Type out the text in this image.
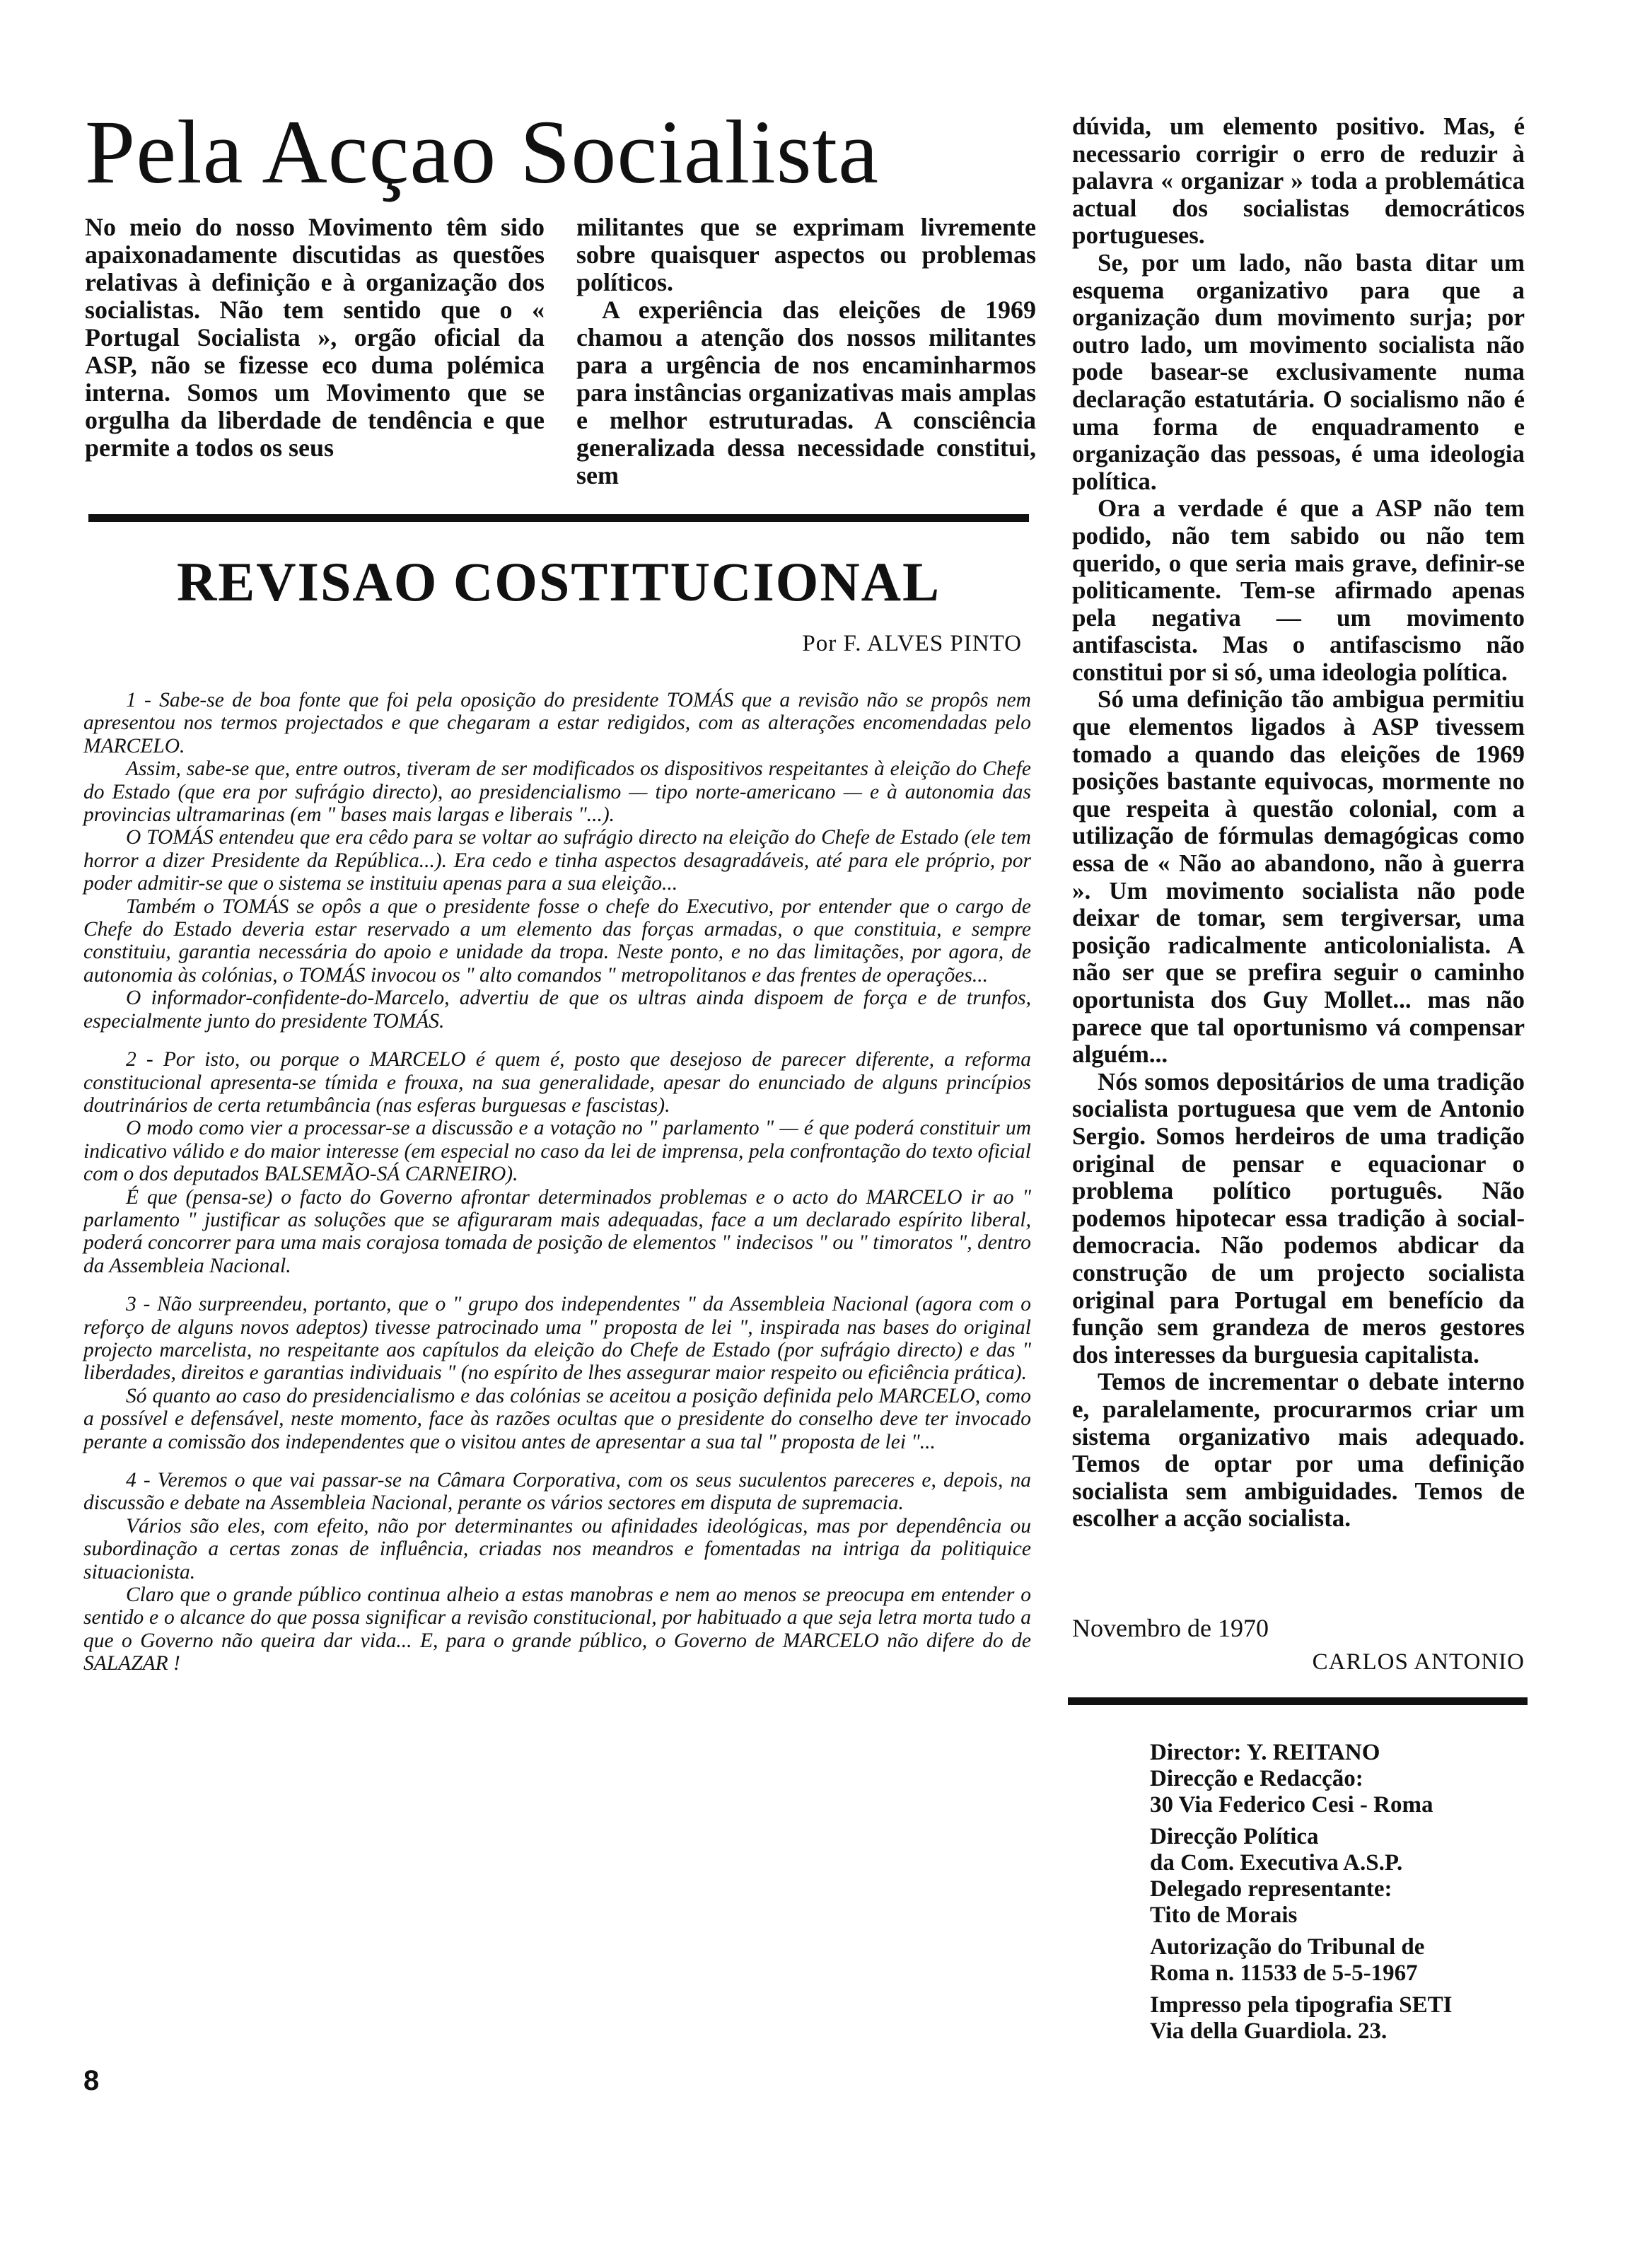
Pela Acçao Socialista

No meio do nosso Movimento têm sido apaixonadamente discutidas as questões relativas à definição e à organização dos socialistas. Não tem sentido que o « Portugal Socialista », orgão oficial da ASP, não se fizesse eco duma polémica interna. Somos um Movimento que se orgulha da liberdade de tendência e que permite a todos os seus

militantes que se exprimam livremente sobre quaisquer aspectos ou problemas políticos.

A experiência das eleições de 1969 chamou a atenção dos nossos militantes para a urgência de nos encaminharmos para instâncias organizativas mais amplas e melhor estruturadas. A consciência generalizada dessa necessidade constitui, sem

dúvida, um elemento positivo. Mas, é necessario corrigir o erro de reduzir à palavra « organizar » toda a problemática actual dos socialistas democráticos portugueses.

Se, por um lado, não basta ditar um esquema organizativo para que a organização dum movimento surja; por outro lado, um movimento socialista não pode basear-se exclusivamente numa declaração estatutária. O socialismo não é uma forma de enquadramento e organização das pessoas, é uma ideologia política.

Ora a verdade é que a ASP não tem podido, não tem sabido ou não tem querido, o que seria mais grave, definir-se politicamente. Tem-se afirmado apenas pela negativa — um movimento antifascista. Mas o antifascismo não constitui por si só, uma ideologia política.

Só uma definição tão ambigua permitiu que elementos ligados à ASP tivessem tomado a quando das eleições de 1969 posições bastante equivocas, mormente no que respeita à questão colonial, com a utilização de fórmulas demagógicas como essa de « Não ao abandono, não à guerra ». Um movimento socialista não pode deixar de tomar, sem tergiversar, uma posição radicalmente anticolonialista. A não ser que se prefira seguir o caminho oportunista dos Guy Mollet... mas não parece que tal oportunismo vá compensar alguém...

Nós somos depositários de uma tradição socialista portuguesa que vem de Antonio Sergio. Somos herdeiros de uma tradição original de pensar e equacionar o problema político português. Não podemos hipotecar essa tradição à social-democracia. Não podemos abdicar da construção de um projecto socialista original para Portugal em benefício da função sem grandeza de meros gestores dos interesses da burguesia capitalista.

Temos de incrementar o debate interno e, paralelamente, procurarmos criar um sistema organizativo mais adequado. Temos de optar por uma definição socialista sem ambiguidades. Temos de escolher a acção socialista.

Novembro de 1970
CARLOS ANTONIO
REVISAO COSTITUCIONAL
Por F. ALVES PINTO

1 - Sabe-se de boa fonte que foi pela oposição do presidente TOMÁS que a revisão não se propôs nem apresentou nos termos projectados e que chegaram a estar redigidos, com as alterações encomendadas pelo MARCELO.

Assim, sabe-se que, entre outros, tiveram de ser modificados os dispositivos respeitantes à eleição do Chefe do Estado (que era por sufrágio directo), ao presidencialismo — tipo norte-americano — e à autonomia das provincias ultramarinas (em " bases mais largas e liberais "...).

O TOMÁS entendeu que era cêdo para se voltar ao sufrágio directo na eleição do Chefe de Estado (ele tem horror a dizer Presidente da República...). Era cedo e tinha aspectos desagradáveis, até para ele próprio, por poder admitir-se que o sistema se instituiu apenas para a sua eleição...

Também o TOMÁS se opôs a que o presidente fosse o chefe do Executivo, por entender que o cargo de Chefe do Estado deveria estar reservado a um elemento das forças armadas, o que constituia, e sempre constituiu, garantia necessária do apoio e unidade da tropa. Neste ponto, e no das limitações, por agora, de autonomia às colónias, o TOMÁS invocou os " alto comandos " metropolitanos e das frentes de operações...

O informador-confidente-do-Marcelo, advertiu de que os ultras ainda dispoem de força e de trunfos, especialmente junto do presidente TOMÁS.

2 - Por isto, ou porque o MARCELO é quem é, posto que desejoso de parecer diferente, a reforma constitucional apresenta-se tímida e frouxa, na sua generalidade, apesar do enunciado de alguns princípios doutrinários de certa retumbância (nas esferas burguesas e fascistas).

O modo como vier a processar-se a discussão e a votação no " parlamento " — é que poderá constituir um indicativo válido e do maior interesse (em especial no caso da lei de imprensa, pela confrontação do texto oficial com o dos deputados BALSEMÃO-SÁ CARNEIRO).

É que (pensa-se) o facto do Governo afrontar determinados problemas e o acto do MARCELO ir ao " parlamento " justificar as soluções que se afiguraram mais adequadas, face a um declarado espírito liberal, poderá concorrer para uma mais corajosa tomada de posição de elementos " indecisos " ou " timoratos ", dentro da Assembleia Nacional.

3 - Não surpreendeu, portanto, que o " grupo dos independentes " da Assembleia Nacional (agora com o reforço de alguns novos adeptos) tivesse patrocinado uma " proposta de lei ", inspirada nas bases do original projecto marcelista, no respeitante aos capítulos da eleição do Chefe de Estado (por sufrágio directo) e das " liberdades, direitos e garantias individuais " (no espírito de lhes assegurar maior respeito ou eficiência prática).

Só quanto ao caso do presidencialismo e das colónias se aceitou a posição definida pelo MARCELO, como a possível e defensável, neste momento, face às razões ocultas que o presidente do conselho deve ter invocado perante a comissão dos independentes que o visitou antes de apresentar a sua tal " proposta de lei "...

4 - Veremos o que vai passar-se na Câmara Corporativa, com os seus suculentos pareceres e, depois, na discussão e debate na Assembleia Nacional, perante os vários sectores em disputa de supremacia.

Vários são eles, com efeito, não por determinantes ou afinidades ideológicas, mas por dependência ou subordinação a certas zonas de influência, criadas nos meandros e fomentadas na intriga da politiquice situacionista.

Claro que o grande público continua alheio a estas manobras e nem ao menos se preocupa em entender o sentido e o alcance do que possa significar a revisão constitucional, por habituado a que seja letra morta tudo a que o Governo não queira dar vida... E, para o grande público, o Governo de MARCELO não difere do de SALAZAR !

Director: Y. REITANO
Direcção e Redacção:
30 Via Federico Cesi - Roma
Direcção Política
da Com. Executiva A.S.P.
Delegado representante:
Tito de Morais
Autorização do Tribunal de
Roma n. 11533 de 5-5-1967
Impresso pela tipografia SETI
Via della Guardiola. 23.
8
